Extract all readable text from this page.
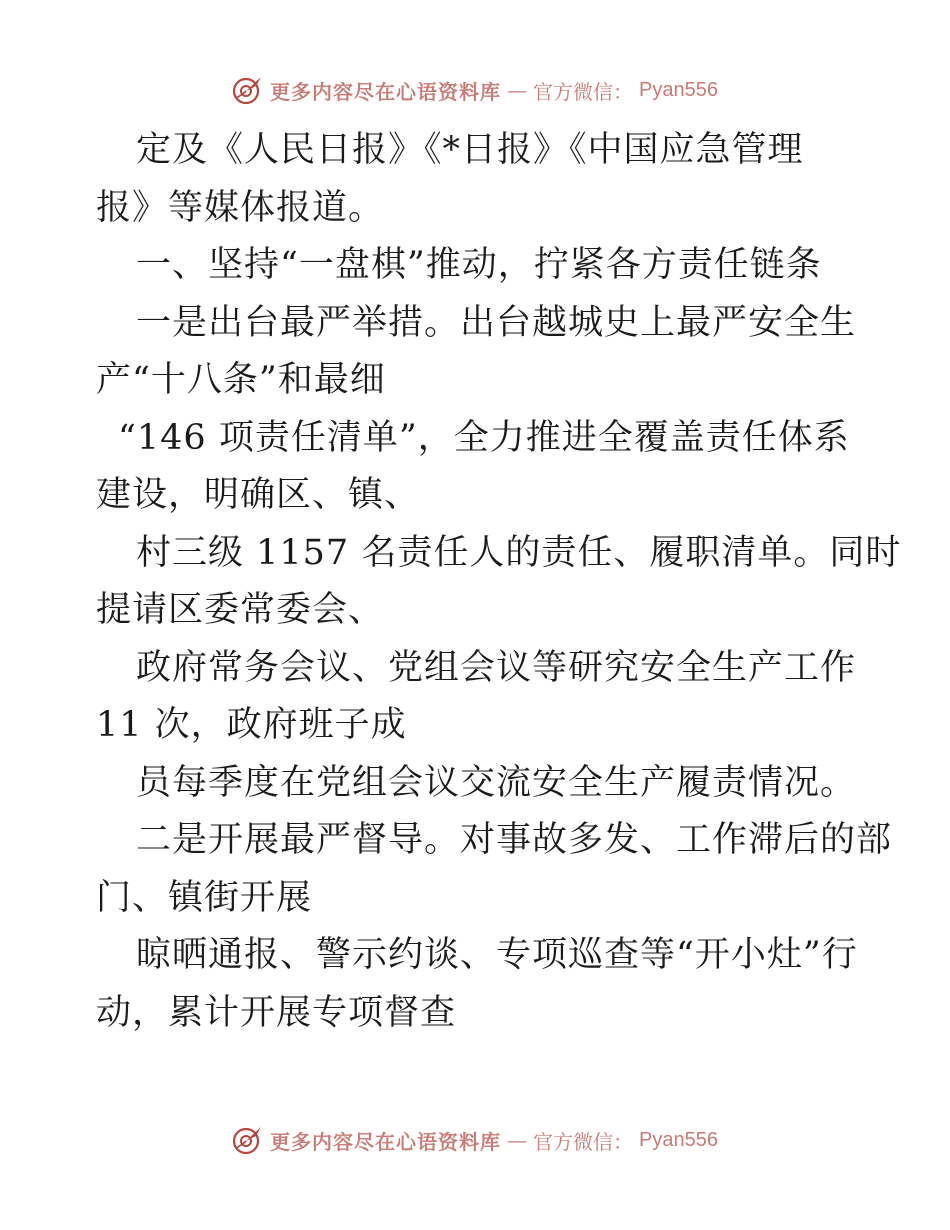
更多内容尽在心语资料库 — 官方微信： Pyan556
定及《人民日报》《*日报》《中国应急管理
报》等媒体报道。
一、坚持“一盘棋”推动，拧紧各方责任链条
一是出台最严举措。出台越城史上最严安全生
产“十八条”和最细
“146 项责任清单”，全力推进全覆盖责任体系
建设，明确区、镇、
村三级 1157 名责任人的责任、履职清单。同时
提请区委常委会、
政府常务会议、党组会议等研究安全生产工作
11 次，政府班子成
员每季度在党组会议交流安全生产履责情况。
二是开展最严督导。对事故多发、工作滞后的部
门、镇街开展
晾晒通报、警示约谈、专项巡查等“开小灶”行
动，累计开展专项督查
更多内容尽在心语资料库 — 官方微信： Pyan556
